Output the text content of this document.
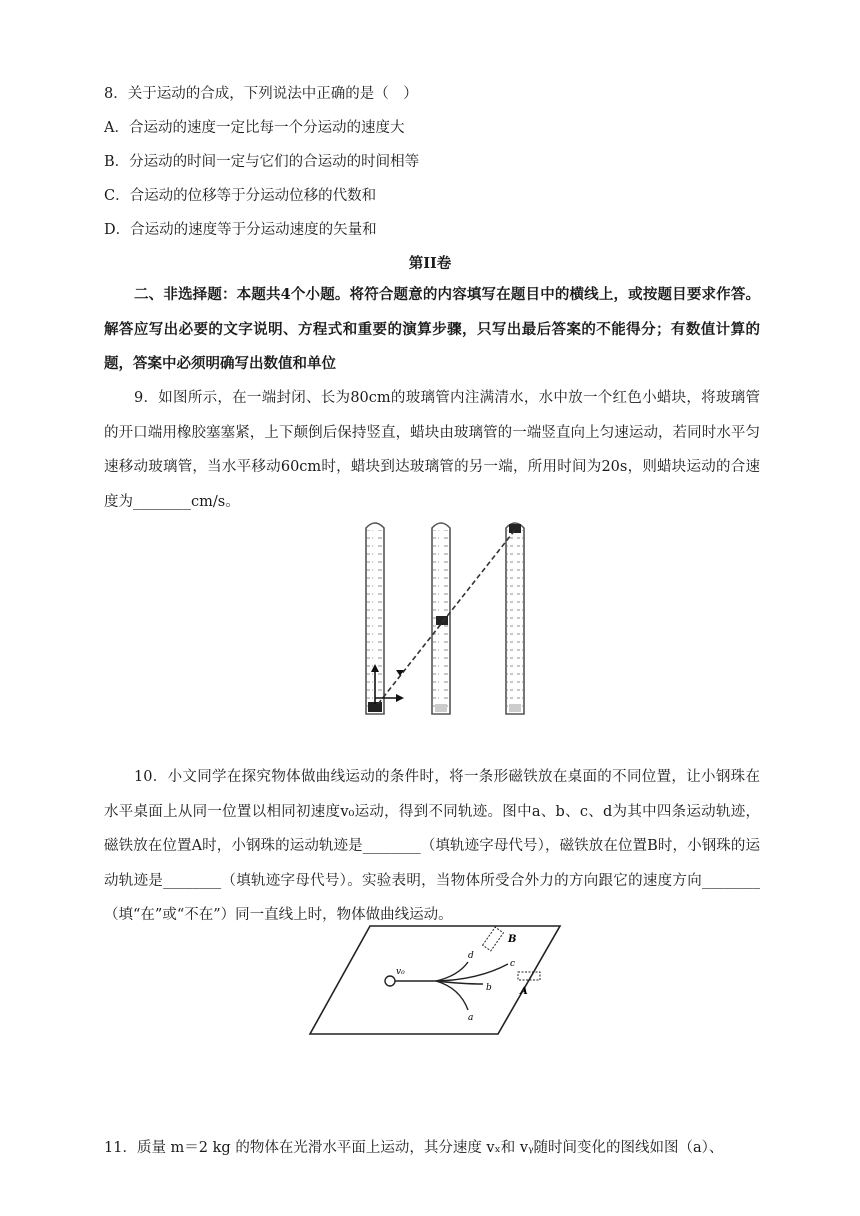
8．关于运动的合成，下列说法中正确的是（　）
A．合运动的速度一定比每一个分运动的速度大
B．分运动的时间一定与它们的合运动的时间相等
C．合运动的位移等于分运动位移的代数和
D．合运动的速度等于分运动速度的矢量和
第II卷
二、非选择题：本题共4个小题。将符合题意的内容填写在题目中的横线上，或按题目要求作答。解答应写出必要的文字说明、方程式和重要的演算步骤，只写出最后答案的不能得分；有数值计算的题，答案中必须明确写出数值和单位
9．如图所示，在一端封闭、长为80cm的玻璃管内注满清水，水中放一个红色小蜡块，将玻璃管的开口端用橡胶塞塞紧，上下颠倒后保持竖直，蜡块由玻璃管的一端竖直向上匀速运动，若同时水平匀速移动玻璃管，当水平移动60cm时，蜡块到达玻璃管的另一端，所用时间为20s，则蜡块运动的合速度为________cm/s。
10．小文同学在探究物体做曲线运动的条件时，将一条形磁铁放在桌面的不同位置，让小钢珠在水平桌面上从同一位置以相同初速度v₀运动，得到不同轨迹。图中a、b、c、d为其中四条运动轨迹，磁铁放在位置A时，小钢珠的运动轨迹是________（填轨迹字母代号），磁铁放在位置B时，小钢珠的运动轨迹是________（填轨迹字母代号）。实验表明，当物体所受合外力的方向跟它的速度方向________（填“在”或“不在”）同一直线上时，物体做曲线运动。
v₀
d
c
b
a
B
A
11．质量 m＝2 kg 的物体在光滑水平面上运动，其分速度 vₓ和 vᵧ随时间变化的图线如图（a）、
